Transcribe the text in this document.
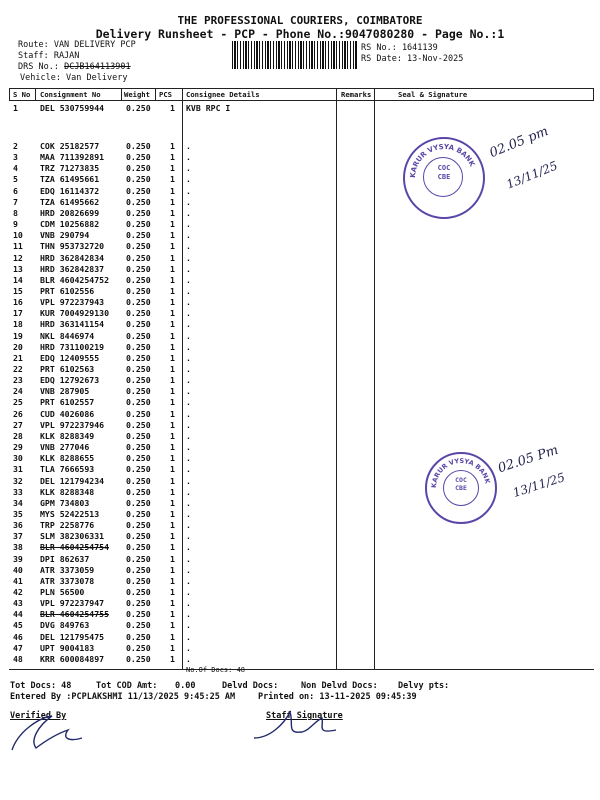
THE PROFESSIONAL COURIERS, COIMBATORE
Delivery Runsheet - PCP - Phone No.:9047080280 - Page No.:1
Route: VAN DELIVERY PCP
Staff: RAJAN
DRS No.: DCJB164113901
Vehicle: Van Delivery
RS No.: 1641139
RS Date: 13-Nov-2025
S No Consignment No	Weight PCS Consignee Details	Remarks	Seal & Signature
1	DEL 530759944	0.250 1 KVB RPC I
2	COK 25182577	0.250 1 .
3	MAA 711392891	0.250 1 .
4	TRZ 71273835	0.250 1 .
5	TZA 61495661	0.250 1 .
6	EDQ 16114372	0.250 1 .
7	TZA 61495662	0.250 1 .
8	HRD 20826699	0.250 1 .
9	CDM 10256882	0.250 1 .
10 VNB 290794	0.250 1 .
11 THN 953732720	0.250 1 .
12 HRD 362842834	0.250 1 .
13 HRD 362842837	0.250 1 .
14 BLR 4604254752 0.250 1 .
15 PRT 6102556	0.250 1 .
16 VPL 972237943	0.250 1 .
17 KUR 7004929130 0.250 1 .
18 HRD 363141154	0.250 1 .
19 NKL 8446974	0.250 1 .
20 HRD 731100219	0.250 1 .
21 EDQ 12409555	0.250 1 .
22 PRT 6102563	0.250 1 .
23 EDQ 12792673	0.250 1 .
24 VNB 287905	0.250 1 .
25 PRT 6102557	0.250 1 .
26 CUD 4026086	0.250 1 .
27 VPL 972237946	0.250 1 .
28 KLK 8288349	0.250 1 .
29 VNB 277046	0.250 1 .
30 KLK 8288655	0.250 1 .
31 TLA 7666593	0.250 1 .
32 DEL 121794234	0.250 1 .
33 KLK 8288348	0.250 1 .
34 GPM 734803	0.250 1 .
35 MYS 52422513	0.250 1 .
36 TRP 2258776	0.250 1 .
37 SLM 382306331	0.250 1 .
38 BLR 4604254754 0.250 1 .
39 DPI 862637	0.250 1 .
40 ATR 3373059	0.250 1 .
41 ATR 3373078	0.250 1 .
42 PLN 56500	0.250 1 .
43 VPL 972237947	0.250 1 .
44 BLR 4604254755 0.250 1 .
45 DVG 849763	0.250 1 .
46 DEL 121795475	0.250 1 .
47 UPT 9004183	0.250 1 .
48 KRR 600084897	0.250 1 .
No.Of Docs: 48
KARUR VYSYA BANK
COC
CBE
02.05 pm
13/11/25
KARUR VYSYA BANK
COC
CBE
02.05 Pm
13/11/25
Tot Docs: 48	Tot COD Amt: 0.00	Delvd Docs:	Non Delvd Docs: Delvy pts:
Entered By :PCPLAKSHMI 11/13/2025 9:45:25 AM	Printed on: 13-11-2025 09:45:39
Verified By	Staff Signature
